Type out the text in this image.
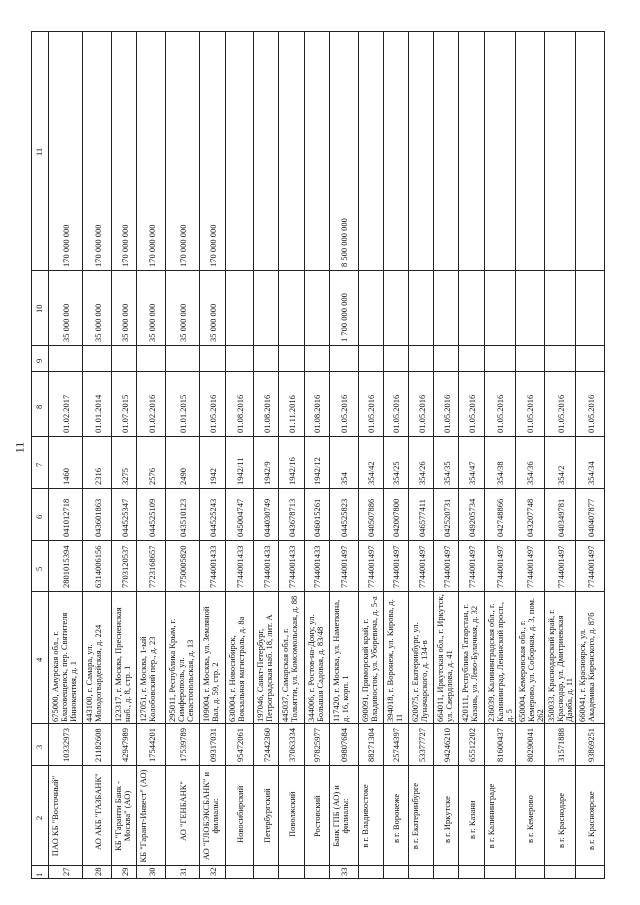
11
1
2
3
4
5
6
7
8
9
10
11
27
ПАО КБ "Восточный"
10332973
675000, Амурская обл., г. Благовещенск, пер. Святителя Иннокентия, д. 1
2801015394
041012718
1460
01.02.2017
35 000 000
170 000 000
28
АО АКБ "ГАЗБАНК"
21182608
443100, г. Самара, ул. Молодогвардейская, д. 224
6314006156
043601863
2316
01.01.2014
35 000 000
170 000 000
29
КБ "Гаранти Банк - Москва" (АО)
42947989
123317, г. Москва, Пресненская наб., д. 8, стр. 1
7703120537
044525347
3275
01.07.2015
35 000 000
170 000 000
30
КБ "Гарант-Инвест" (АО)
17544201
127051, г. Москва, 1-ый Колобовский пер., д. 23
7723168657
044525109
2576
01.02.2016
35 000 000
170 000 000
31
АО "ГЕНБАНК"
17539789
295011, Республика Крым, г. Симферополь, ул. Севастопольская, д. 13
7750005820
043510123
2490
01.01.2015
35 000 000
170 000 000
32
АО "ГЛОБЭКСБАНК" и филиалы:
09317031
109004, г. Москва, ул. Земляной Вал, д. 59, стр. 2
7744001433
044525243
1942
01.05.2016
35 000 000
170 000 000
Новосибирский
95472061
630004, г. Новосибирск, Вокзальная магистраль, д. 8а
7744001433
045004747
1942/11
01.08.2016
Петербургский
72442360
197046, Санкт-Петербург, Петроградская наб. 18, лит. А
7744001433
044030749
1942/9
01.08.2016
Поволжский
37063334
445037, Самарская обл., г. Тольятти, ул. Комсомольская, д. 88
7744001433
043678713
1942/16
01.11.2016
Ростовский
97825977
344006, г. Ростов-на-Дону, ул. Большая Садовая, д. 83/48
7744001433
046015261
1942/12
01.08.2016
33
Банк ГПБ (АО) и филиалы:
09807684
117420, г. Москва, ул. Наметкина, д. 16, корп. 1
7744001497
044525823
354
01.05.2016
1 700 000 000
8 500 000 000
в г. Владивостоке
88271304
690091, Приморский край, г. Владивосток, ул. Уборевича, д. 5-а
7744001497
040507886
354/42
01.05.2016
в г. Воронеже
25744397
394018, г. Воронеж, ул. Кирова, д. 11
7744001497
042007800
354/25
01.05.2016
в г. Екатеринбурге
53377727
620075, г. Екатеринбург, ул. Луначарского, д. 134-в
7744001497
046577411
354/26
01.05.2016
в г. Иркутске
94246210
664011, Иркутская обл., г. Иркутск, ул. Свердлова, д. 41
7744001497
042520731
354/35
01.05.2016
в г. Казани
65512202
420111, Республика Татарстан, г. Казань, ул. Лево-Булачная, д. 32
7744001497
049205734
354/47
01.05.2016
в г. Калининграде
81600437
236039, Калининградская обл., г. Калининград, Ленинский просп., д. 5
7744001497
042748866
354/38
01.05.2016
в г. Кемерово
80290041
650004, Кемеровская обл., г. Кемерово, ул. Соборная, д. 3, пом. 262
7744001497
043207748
354/36
01.05.2016
в г. Краснодаре
31571888
350033, Краснодарский край, г. Краснодар, ул. Дмитриевская Дамба, д. 11
7744001497
040349781
354/2
01.05.2016
в г. Красноярске
93869251
660041, г. Красноярск, ул. Академика Киренского, д. 87б
7744001497
040407877
354/34
01.05.2016
